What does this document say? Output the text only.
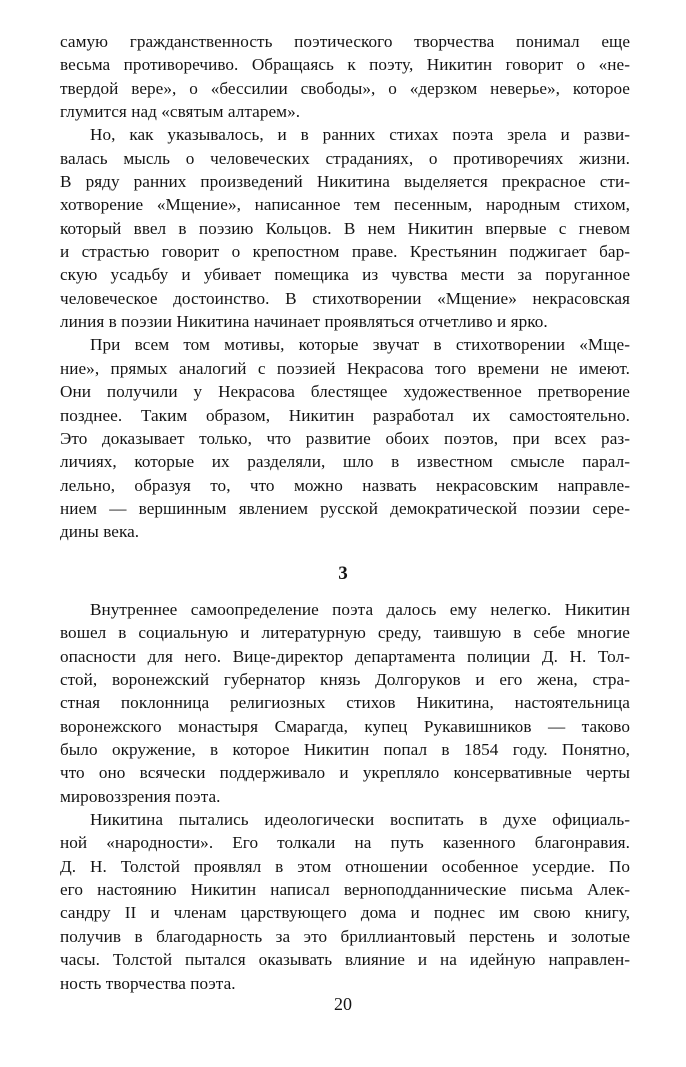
самую гражданственность поэтического творчества понимал еще
весьма противоречиво. Обращаясь к поэту, Никитин говорит о «не-
твердой вере», о «бессилии свободы», о «дерзком неверье», которое
глумится над «святым алтарем».
Но, как указывалось, и в ранних стихах поэта зрела и разви-
валась мысль о человеческих страданиях, о противоречиях жизни.
В ряду ранних произведений Никитина выделяется прекрасное сти-
хотворение «Мщение», написанное тем песенным, народным стихом,
который ввел в поэзию Кольцов. В нем Никитин впервые с гневом
и страстью говорит о крепостном праве. Крестьянин поджигает бар-
скую усадьбу и убивает помещика из чувства мести за поруганное
человеческое достоинство. В стихотворении «Мщение» некрасовская
линия в поэзии Никитина начинает проявляться отчетливо и ярко.
При всем том мотивы, которые звучат в стихотворении «Мще-
ние», прямых аналогий с поэзией Некрасова того времени не имеют.
Они получили у Некрасова блестящее художественное претворение
позднее. Таким образом, Никитин разработал их самостоятельно.
Это доказывает только, что развитие обоих поэтов, при всех раз-
личиях, которые их разделяли, шло в известном смысле парал-
лельно, образуя то, что можно назвать некрасовским направле-
нием — вершинным явлением русской демократической поэзии сере-
дины века.
3
Внутреннее самоопределение поэта далось ему нелегко. Никитин
вошел в социальную и литературную среду, таившую в себе многие
опасности для него. Вице-директор департамента полиции Д. Н. Тол-
стой, воронежский губернатор князь Долгоруков и его жена, стра-
стная поклонница религиозных стихов Никитина, настоятельница
воронежского монастыря Смарагда, купец Рукавишников — таково
было окружение, в которое Никитин попал в 1854 году. Понятно,
что оно всячески поддерживало и укрепляло консервативные черты
мировоззрения поэта.
Никитина пытались идеологически воспитать в духе официаль-
ной «народности». Его толкали на путь казенного благонравия.
Д. Н. Толстой проявлял в этом отношении особенное усердие. По
его настоянию Никитин написал верноподданнические письма Алек-
сандру II и членам царствующего дома и поднес им свою книгу,
получив в благодарность за это бриллиантовый перстень и золотые
часы. Толстой пытался оказывать влияние и на идейную направлен-
ность творчества поэта.
20
